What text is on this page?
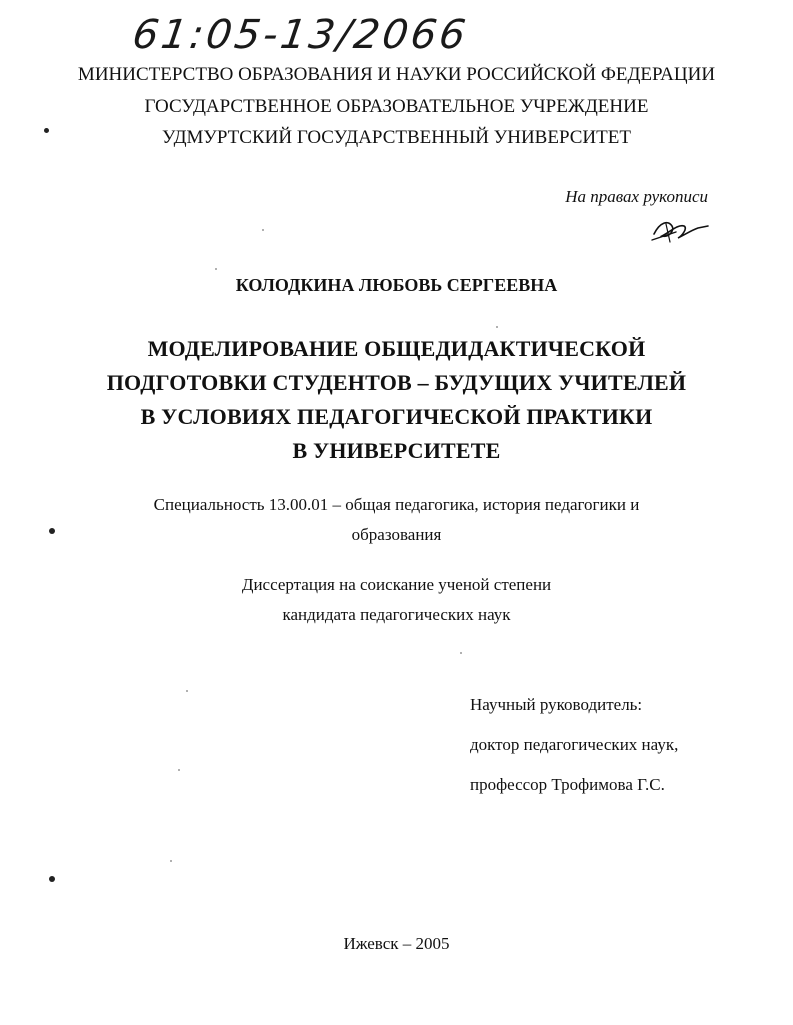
61:05-13/2066
МИНИСТЕРСТВО ОБРАЗОВАНИЯ И НАУКИ РОССИЙСКОЙ ФЕДЕРАЦИИ
ГОСУДАРСТВЕННОЕ ОБРАЗОВАТЕЛЬНОЕ УЧРЕЖДЕНИЕ
УДМУРТСКИЙ ГОСУДАРСТВЕННЫЙ УНИВЕРСИТЕТ
На правах рукописи
КОЛОДКИНА ЛЮБОВЬ СЕРГЕЕВНА
МОДЕЛИРОВАНИЕ ОБЩЕДИДАКТИЧЕСКОЙ
ПОДГОТОВКИ СТУДЕНТОВ – БУДУЩИХ УЧИТЕЛЕЙ
В УСЛОВИЯХ ПЕДАГОГИЧЕСКОЙ ПРАКТИКИ
В УНИВЕРСИТЕТЕ
Специальность 13.00.01 – общая педагогика, история педагогики и
образования
Диссертация на соискание ученой степени
кандидата педагогических наук
Научный руководитель:
доктор педагогических наук,
профессор Трофимова Г.С.
Ижевск – 2005
